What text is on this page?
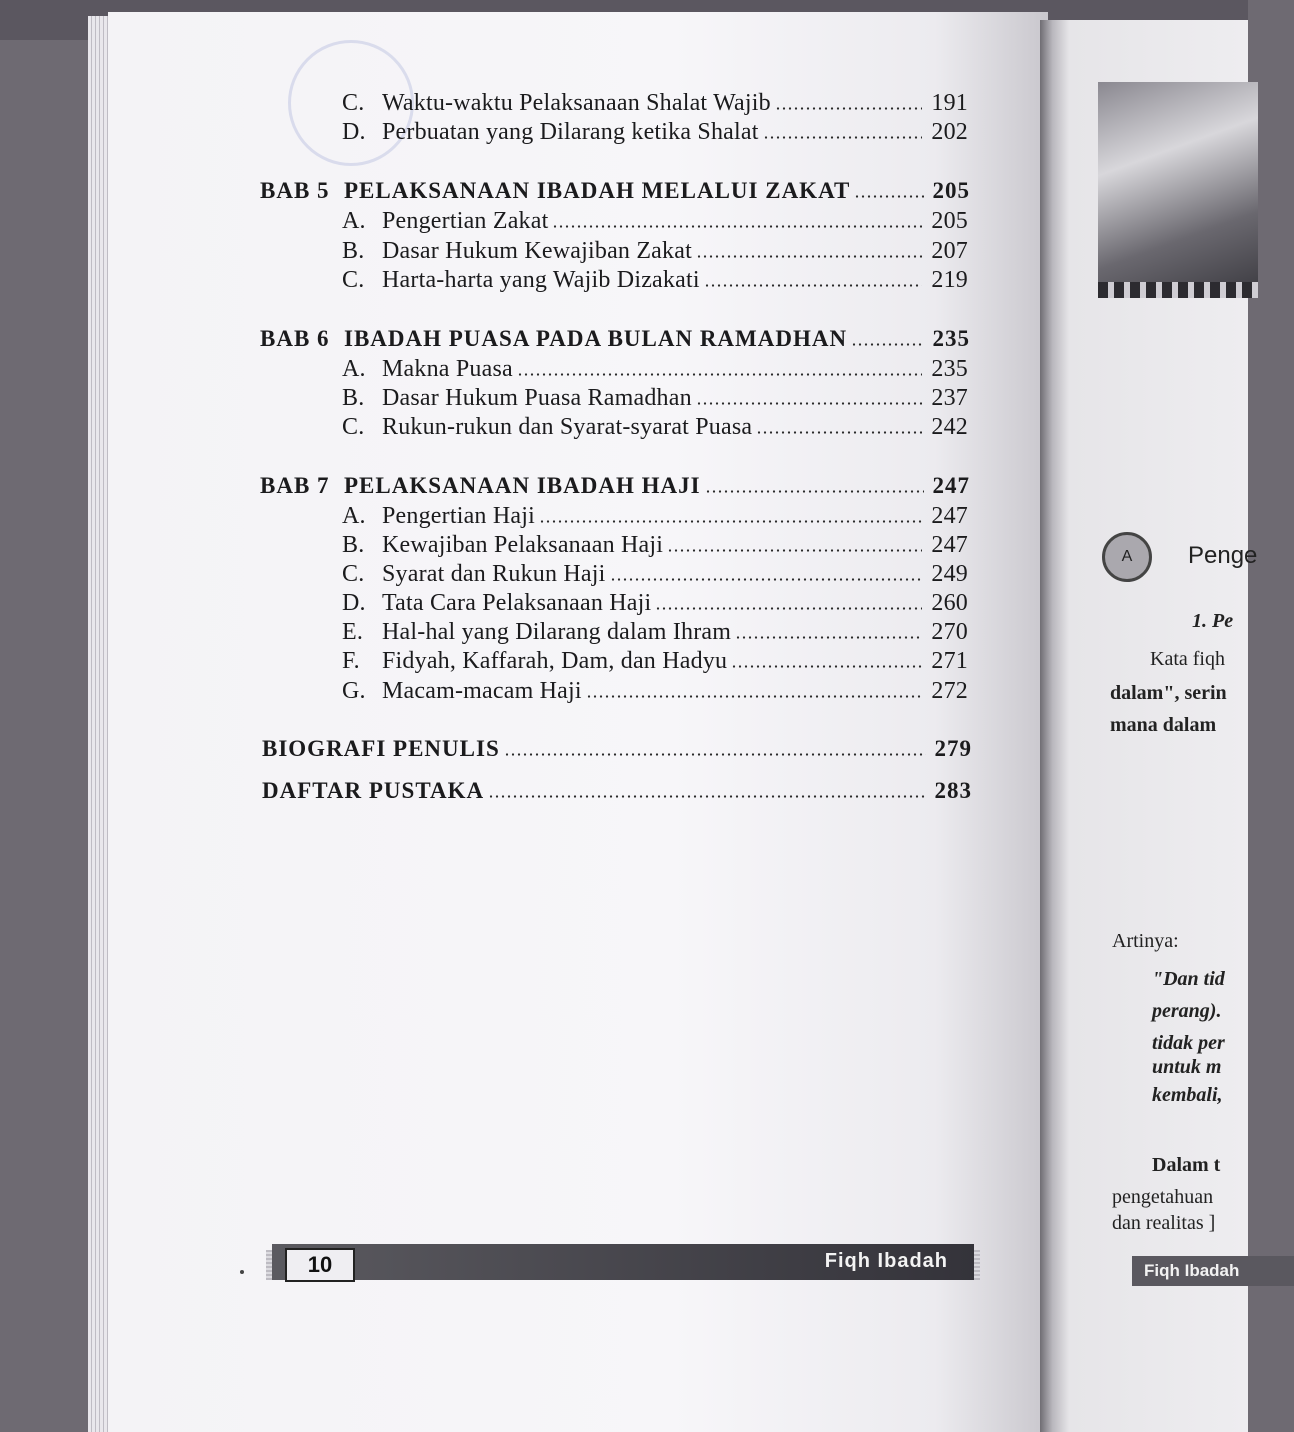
A	Penge
1. Pe
Kata fiqh
dalam", serin
mana dalam
Artinya:
"Dan tid
perang).
tidak per
untuk m
kembali,
Dalam t
pengetahuan
dan realitas ]
Fiqh Ibadah
C. Waktu-waktu Pelaksanaan Shalat Wajib	191
D. Perbuatan yang Dilarang ketika Shalat	202
BAB 5 PELAKSANAAN IBADAH MELALUI ZAKAT	205
A. Pengertian Zakat	205
B. Dasar Hukum Kewajiban Zakat	207
C. Harta-harta yang Wajib Dizakati	219
BAB 6 IBADAH PUASA PADA BULAN RAMADHAN	235
A. Makna Puasa	235
B. Dasar Hukum Puasa Ramadhan	237
C. Rukun-rukun dan Syarat-syarat Puasa	242
BAB 7 PELAKSANAAN IBADAH HAJI	247
A. Pengertian Haji	247
B. Kewajiban Pelaksanaan Haji	247
C. Syarat dan Rukun Haji	249
D. Tata Cara Pelaksanaan Haji	260
E. Hal-hal yang Dilarang dalam Ihram	270
F. Fidyah, Kaffarah, Dam, dan Hadyu	271
G. Macam-macam Haji	272
BIOGRAFI PENULIS	279
DAFTAR PUSTAKA	283
10	Fiqh Ibadah
